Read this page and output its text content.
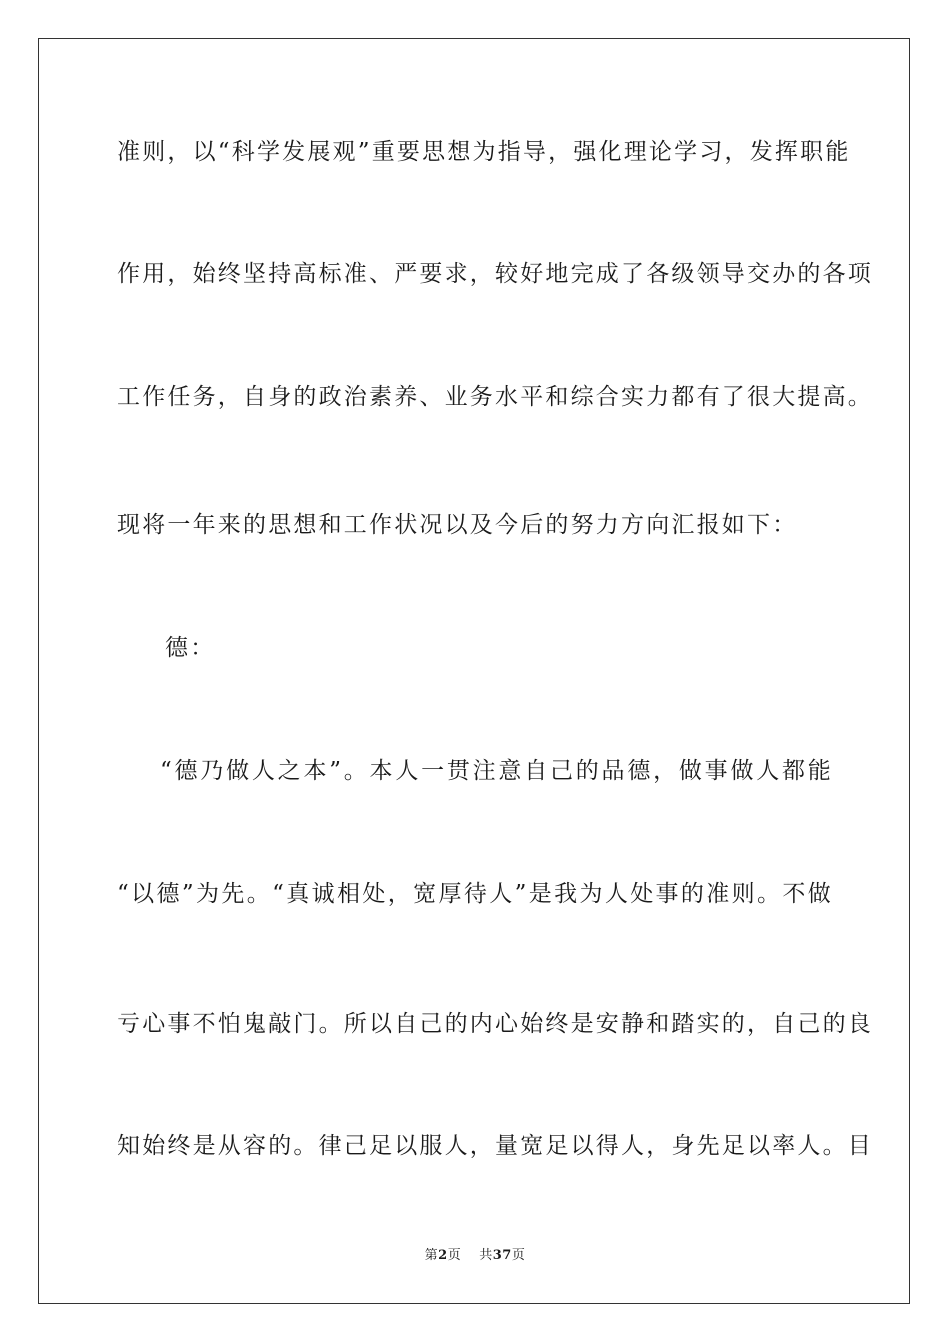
准则，以“科学发展观”重要思想为指导，强化理论学习，发挥职能
作用，始终坚持高标准、严要求，较好地完成了各级领导交办的各项
工作任务，自身的政治素养、业务水平和综合实力都有了很大提高。
现将一年来的思想和工作状况以及今后的努力方向汇报如下：
德：
“德乃做人之本”。本人一贯注意自己的品德，做事做人都能
“以德”为先。“真诚相处，宽厚待人”是我为人处事的准则。不做
亏心事不怕鬼敲门。所以自己的内心始终是安静和踏实的，自己的良
知始终是从容的。律己足以服人，量宽足以得人，身先足以率人。目
第2页 共37页
